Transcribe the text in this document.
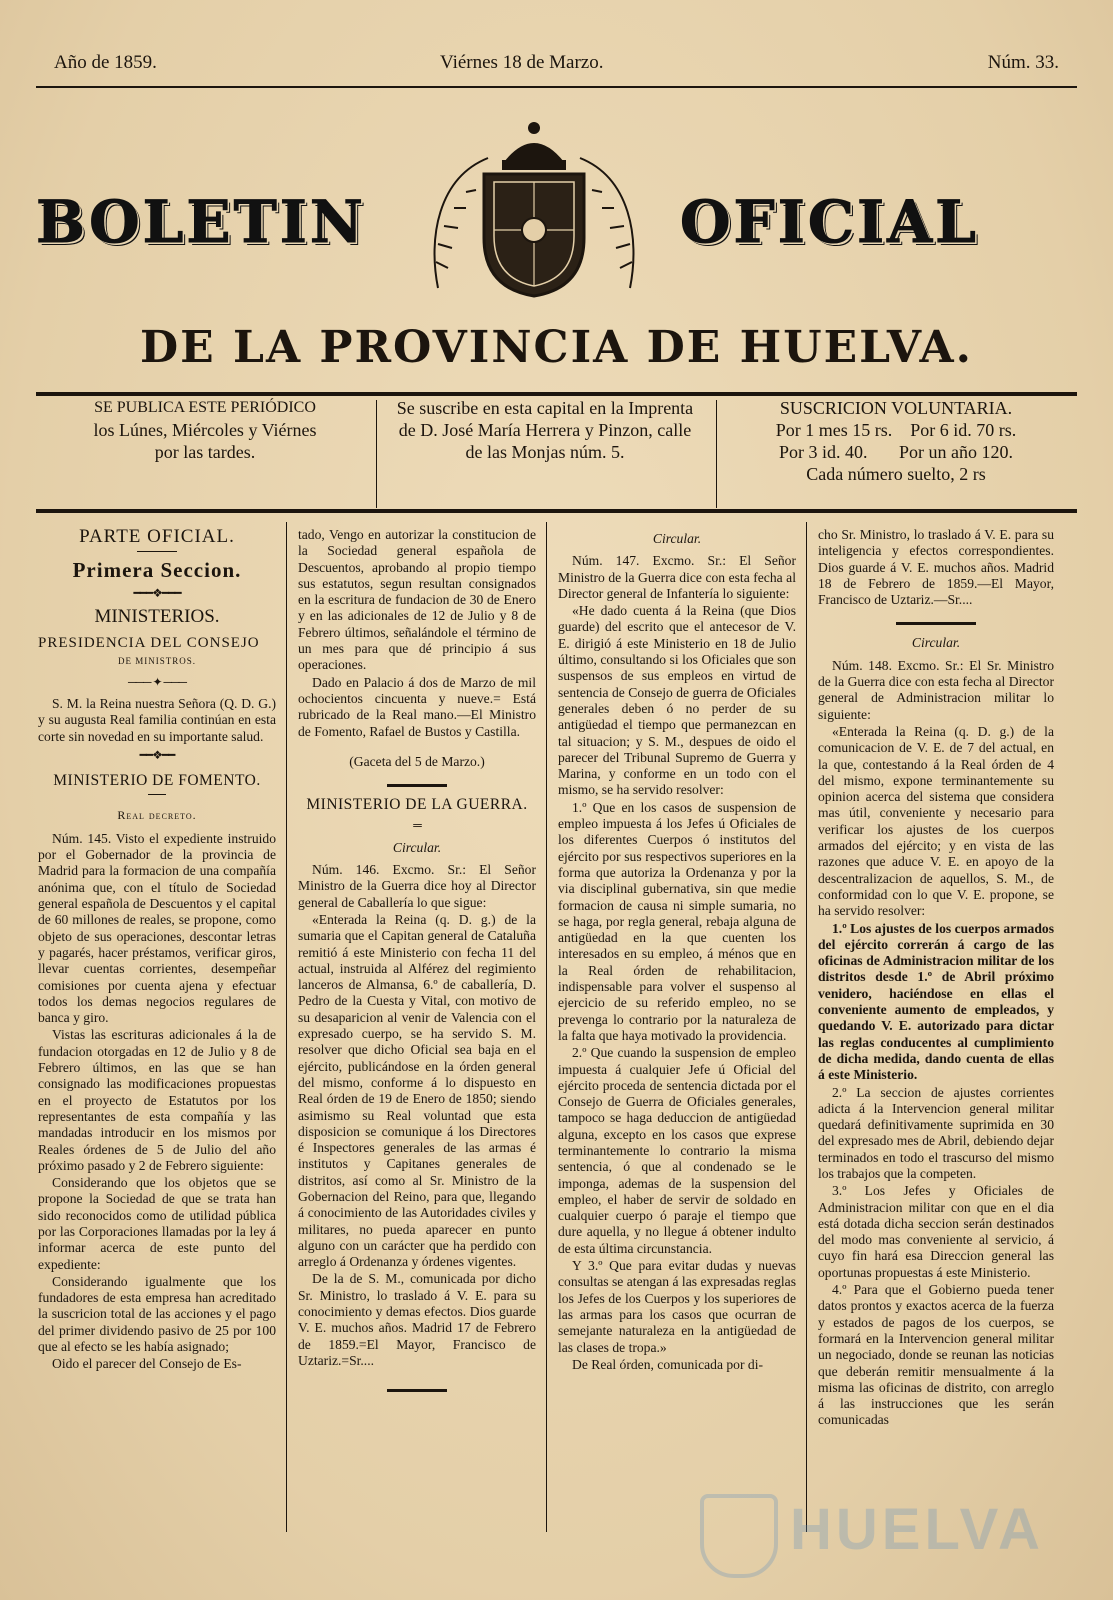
Año de 1859.	Viérnes 18 de Marzo.	Núm. 33.
BOLETIN	OFICIAL
DE LA PROVINCIA DE HUELVA.
SE PUBLICA ESTE PERIÓDICO
los Lúnes, Miércoles y Viérnes
por las tardes.
Se suscribe en esta capital en la Imprenta
de D. José María Herrera y Pinzon, calle
de las Monjas núm. 5.
SUSCRICION VOLUNTARIA.
Por 1 mes 15 rs.    Por 6 id. 70 rs.
Por 3 id. 40.       Por un año 120.
Cada número suelto, 2 rs
PARTE OFICIAL.
Primera Seccion.
━━━❖━━━
MINISTERIOS.
PRESIDENCIA DEL CONSEJO
DE MINISTROS.
─── ✦ ───

S. M. la Reina nuestra Señora (Q. D. G.) y su augusta Real familia continúan en esta corte sin novedad en su importante salud.

━━❖━━
MINISTERIO DE FOMENTO.
Real decreto.

Núm. 145. Visto el expediente instruido por el Gobernador de la provincia de Madrid para la formacion de una compañía anónima que, con el título de Sociedad general española de Descuentos y el capital de 60 millones de reales, se propone, como objeto de sus operaciones, descontar letras y pagarés, hacer préstamos, verificar giros, llevar cuentas corrientes, desempeñar comisiones por cuenta ajena y efectuar todos los demas negocios regulares de banca y giro.

Vistas las escrituras adicionales á la de fundacion otorgadas en 12 de Julio y 8 de Febrero últimos, en las que se han consignado las modificaciones propuestas en el proyecto de Estatutos por los representantes de esta compañía y las mandadas introducir en los mismos por Reales órdenes de 5 de Julio del año próximo pasado y 2 de Febrero siguiente:

Considerando que los objetos que se propone la Sociedad de que se trata han sido reconocidos como de utilidad pública por las Corporaciones llamadas por la ley á informar acerca de este punto del expediente:

Considerando igualmente que los fundadores de esta empresa han acreditado la suscricion total de las acciones y el pago del primer dividendo pasivo de 25 por 100 que al efecto se les había asignado;

Oido el parecer del Consejo de Es-

tado, Vengo en autorizar la constitucion de la Sociedad general española de Descuentos, aprobando al propio tiempo sus estatutos, segun resultan consignados en la escritura de fundacion de 30 de Enero y en las adicionales de 12 de Julio y 8 de Febrero últimos, señalándole el término de un mes para que dé principio á sus operaciones.

Dado en Palacio á dos de Marzo de mil ochocientos cincuenta y nueve.= Está rubricado de la Real mano.—El Ministro de Fomento, Rafael de Bustos y Castilla.

(Gaceta del 5 de Marzo.)
MINISTERIO DE LA GUERRA.
═
Circular.

Núm. 146. Excmo. Sr.: El Señor Ministro de la Guerra dice hoy al Director general de Caballería lo que sigue:

«Enterada la Reina (q. D. g.) de la sumaria que el Capitan general de Cataluña remitió á este Ministerio con fecha 11 del actual, instruida al Alférez del regimiento lanceros de Almansa, 6.º de caballería, D. Pedro de la Cuesta y Vital, con motivo de su desaparicion al venir de Valencia con el expresado cuerpo, se ha servido S. M. resolver que dicho Oficial sea baja en el ejército, publicándose en la órden general del mismo, conforme á lo dispuesto en Real órden de 19 de Enero de 1850; siendo asimismo su Real voluntad que esta disposicion se comunique á los Directores é Inspectores generales de las armas é institutos y Capitanes generales de distritos, así como al Sr. Ministro de la Gobernacion del Reino, para que, llegando á conocimiento de las Autoridades civiles y militares, no pueda aparecer en punto alguno con un carácter que ha perdido con arreglo á Ordenanza y órdenes vigentes.

De la de S. M., comunicada por dicho Sr. Ministro, lo traslado á V. E. para su conocimiento y demas efectos. Dios guarde V. E. muchos años. Madrid 17 de Febrero de 1859.=El Mayor, Francisco de Uztariz.=Sr....

Circular.

Núm. 147. Excmo. Sr.: El Señor Ministro de la Guerra dice con esta fecha al Director general de Infantería lo siguiente:

«He dado cuenta á la Reina (que Dios guarde) del escrito que el antecesor de V. E. dirigió á este Ministerio en 18 de Julio último, consultando si los Oficiales que son suspensos de sus empleos en virtud de sentencia de Consejo de guerra de Oficiales generales deben ó no perder de su antigüedad el tiempo que permanezcan en tal situacion; y S. M., despues de oido el parecer del Tribunal Supremo de Guerra y Marina, y conforme en un todo con el mismo, se ha servido resolver:

1.º Que en los casos de suspension de empleo impuesta á los Jefes ú Oficiales de los diferentes Cuerpos ó institutos del ejército por sus respectivos superiores en la forma que autoriza la Ordenanza y por la via disciplinal gubernativa, sin que medie formacion de causa ni simple sumaria, no se haga, por regla general, rebaja alguna de antigüedad en la que cuenten los interesados en su empleo, á ménos que en la Real órden de rehabilitacion, indispensable para volver el suspenso al ejercicio de su referido empleo, no se prevenga lo contrario por la naturaleza de la falta que haya motivado la providencia.

2.º Que cuando la suspension de empleo impuesta á cualquier Jefe ú Oficial del ejército proceda de sentencia dictada por el Consejo de Guerra de Oficiales generales, tampoco se haga deduccion de antigüedad alguna, excepto en los casos que exprese terminantemente lo contrario la misma sentencia, ó que al condenado se le imponga, ademas de la suspension del empleo, el haber de servir de soldado en cualquier cuerpo ó paraje el tiempo que dure aquella, y no llegue á obtener indulto de esta última circunstancia.

Y 3.º Que para evitar dudas y nuevas consultas se atengan á las expresadas reglas los Jefes de los Cuerpos y los superiores de las armas para los casos que ocurran de semejante naturaleza en la antigüedad de las clases de tropa.»

De Real órden, comunicada por di-

cho Sr. Ministro, lo traslado á V. E. para su inteligencia y efectos correspondientes. Dios guarde á V. E. muchos años. Madrid 18 de Febrero de 1859.—El Mayor, Francisco de Uztariz.—Sr....

Circular.

Núm. 148. Excmo. Sr.: El Sr. Ministro de la Guerra dice con esta fecha al Director general de Administracion militar lo siguiente:

«Enterada la Reina (q. D. g.) de la comunicacion de V. E. de 7 del actual, en la que, contestando á la Real órden de 4 del mismo, expone terminantemente su opinion acerca del sistema que considera mas útil, conveniente y necesario para verificar los ajustes de los cuerpos armados del ejército; y en vista de las razones que aduce V. E. en apoyo de la descentralizacion de aquellos, S. M., de conformidad con lo que V. E. propone, se ha servido resolver:

1.º Los ajustes de los cuerpos armados del ejército correrán á cargo de las oficinas de Administracion militar de los distritos desde 1.º de Abril próximo venidero, haciéndose en ellas el conveniente aumento de empleados, y quedando V. E. autorizado para dictar las reglas conducentes al cumplimiento de dicha medida, dando cuenta de ellas á este Ministerio.

2.º La seccion de ajustes corrientes adicta á la Intervencion general militar quedará definitivamente suprimida en 30 del expresado mes de Abril, debiendo dejar terminados en todo el trascurso del mismo los trabajos que la competen.

3.º Los Jefes y Oficiales de Administracion militar con que en el dia está dotada dicha seccion serán destinados del modo mas conveniente al servicio, á cuyo fin hará esa Direccion general las oportunas propuestas á este Ministerio.

4.º Para que el Gobierno pueda tener datos prontos y exactos acerca de la fuerza y estados de pagos de los cuerpos, se formará en la Intervencion general militar un negociado, donde se reunan las noticias que deberán remitir mensualmente á la misma las oficinas de distrito, con arreglo á las instrucciones que les serán comunicadas

HUELVA
